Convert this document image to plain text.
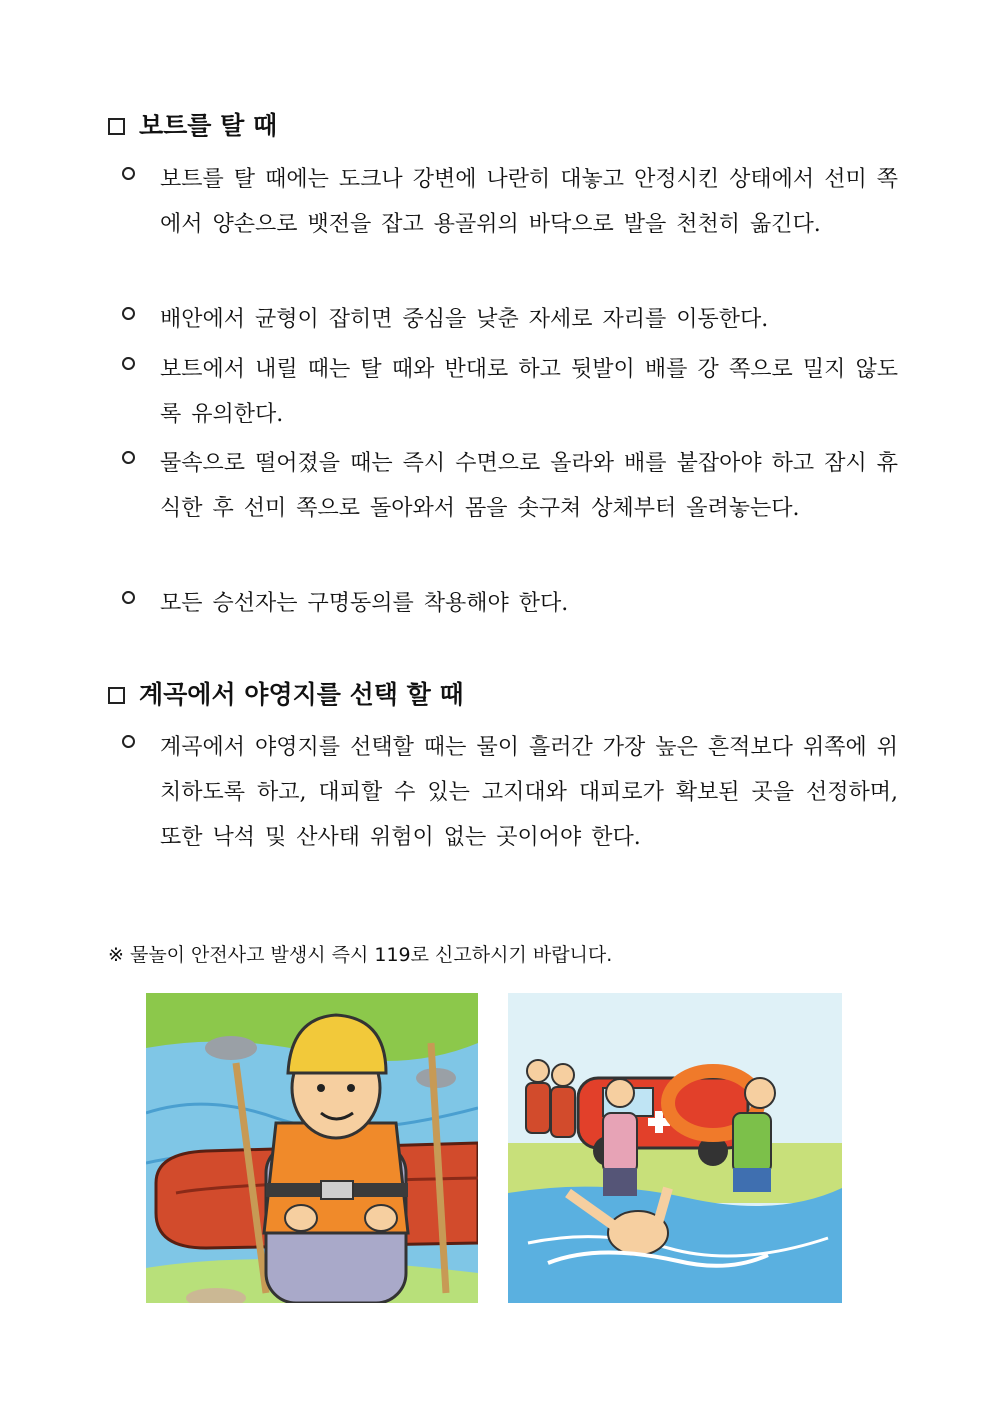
보트를 탈 때
보트를 탈 때에는 도크나 강변에 나란히 대놓고 안정시킨 상태에서 선미 쪽에서 양손으로 뱃전을 잡고 용골위의 바닥으로 발을 천천히 옮긴다.
배안에서 균형이 잡히면 중심을 낮춘 자세로 자리를 이동한다.
보트에서 내릴 때는 탈 때와 반대로 하고 뒷발이 배를 강 쪽으로 밀지 않도록 유의한다.
물속으로 떨어졌을 때는 즉시 수면으로 올라와 배를 붙잡아야 하고 잠시 휴식한 후 선미 쪽으로 돌아와서 몸을 솟구쳐 상체부터 올려놓는다.
모든 승선자는 구명동의를 착용해야 한다.
계곡에서 야영지를 선택 할 때
계곡에서 야영지를 선택할 때는 물이 흘러간 가장 높은 흔적보다 위쪽에 위치하도록 하고, 대피할 수 있는 고지대와 대피로가 확보된 곳을 선정하며, 또한 낙석 및 산사태 위험이 없는 곳이어야 한다.
※ 물놀이 안전사고 발생시 즉시 119로 신고하시기 바랍니다.
